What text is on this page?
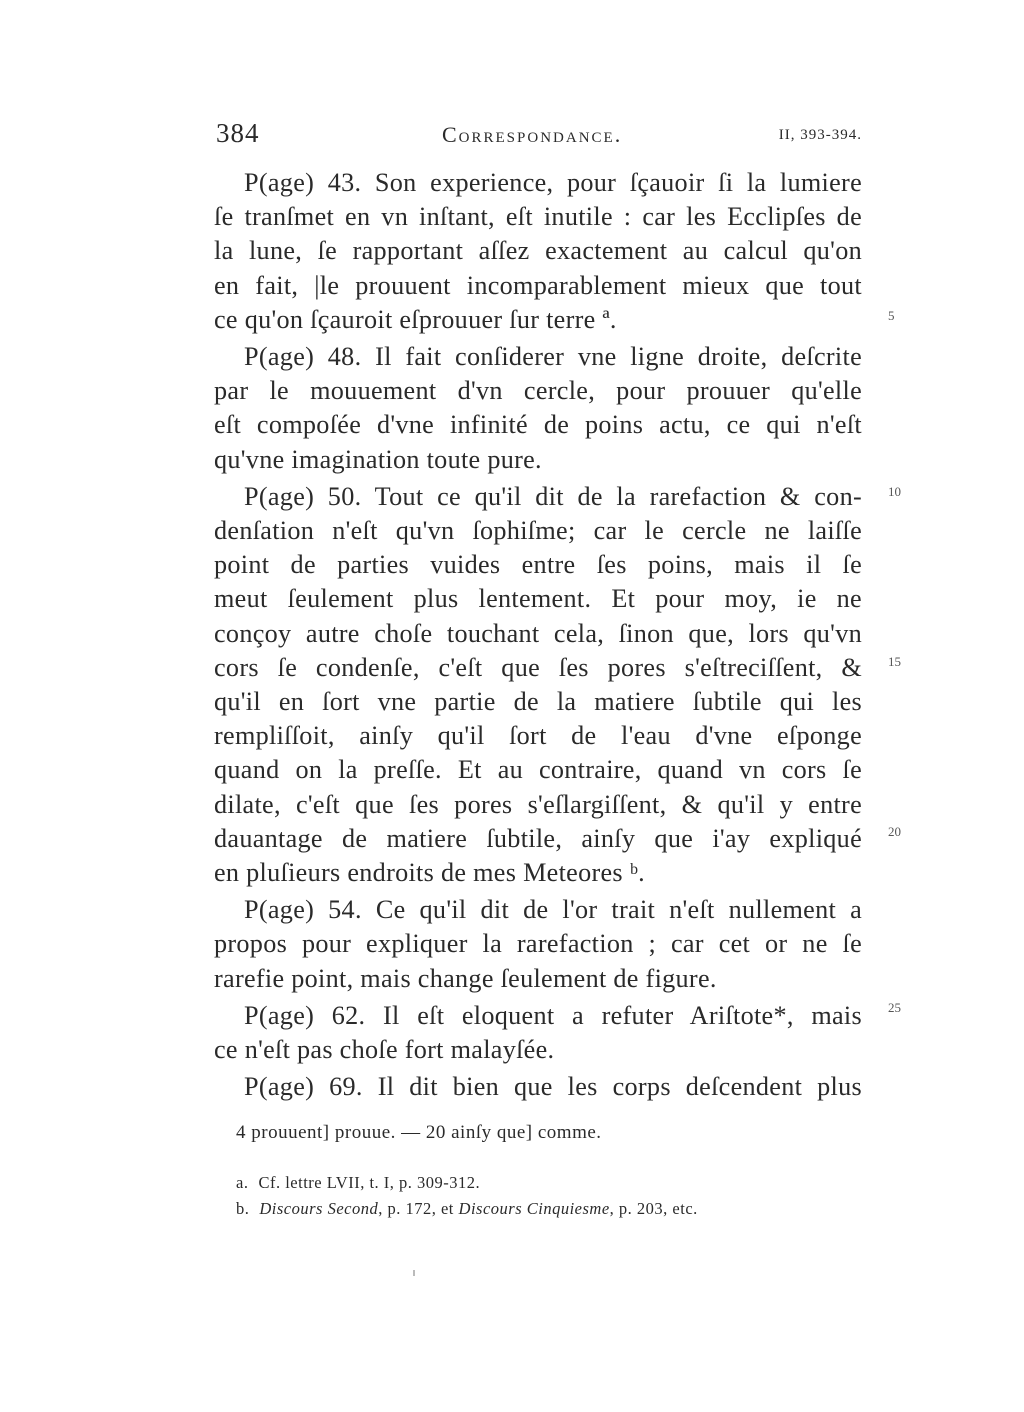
384	Correspondance.	II, 393-394.

P(age) 43. Son experience, pour ſçauoir ſi la lumiere
ſe tranſmet en vn inſtant, eſt inutile : car les Ecclipſes de
la lune, ſe rapportant aſſez exactement au calcul qu'on
en fait, |le prouuent incomparablement mieux que tout
ce qu'on ſçauroit eſprouuer ſur terre ª.

P(age) 48. Il fait conſiderer vne ligne droite, deſcrite
par le mouuement d'vn cercle, pour prouuer qu'elle
eſt compoſée d'vne infinité de poins actu, ce qui n'eſt
qu'vne imagination toute pure.

P(age) 50. Tout ce qu'il dit de la rarefaction & con-
denſation n'eſt qu'vn ſophiſme; car le cercle ne laiſſe
point de parties vuides entre ſes poins, mais il ſe
meut ſeulement plus lentement. Et pour moy, ie ne
conçoy autre choſe touchant cela, ſinon que, lors qu'vn
cors ſe condenſe, c'eſt que ſes pores s'eſtreciſſent, &
qu'il en ſort vne partie de la matiere ſubtile qui les
rempliſſoit, ainſy qu'il ſort de l'eau d'vne eſponge
quand on la preſſe. Et au contraire, quand vn cors ſe
dilate, c'eſt que ſes pores s'eſlargiſſent, & qu'il y entre
dauantage de matiere ſubtile, ainſy que i'ay expliqué
en pluſieurs endroits de mes Meteores ᵇ.

P(age) 54. Ce qu'il dit de l'or trait n'eſt nullement a
propos pour expliquer la rarefaction ; car cet or ne ſe
rarefie point, mais change ſeulement de figure.

P(age) 62. Il eſt eloquent a refuter Ariſtote*, mais
ce n'eſt pas choſe fort malayſée.

P(age) 69. Il dit bien que les corps deſcendent plus

5
10
15
20
25
4 prouuent] prouue. — 20 ainſy que] comme.
a. Cf. lettre LVII, t. I, p. 309-312.
b. Discours Second, p. 172, et Discours Cinquiesme, p. 203, etc.
